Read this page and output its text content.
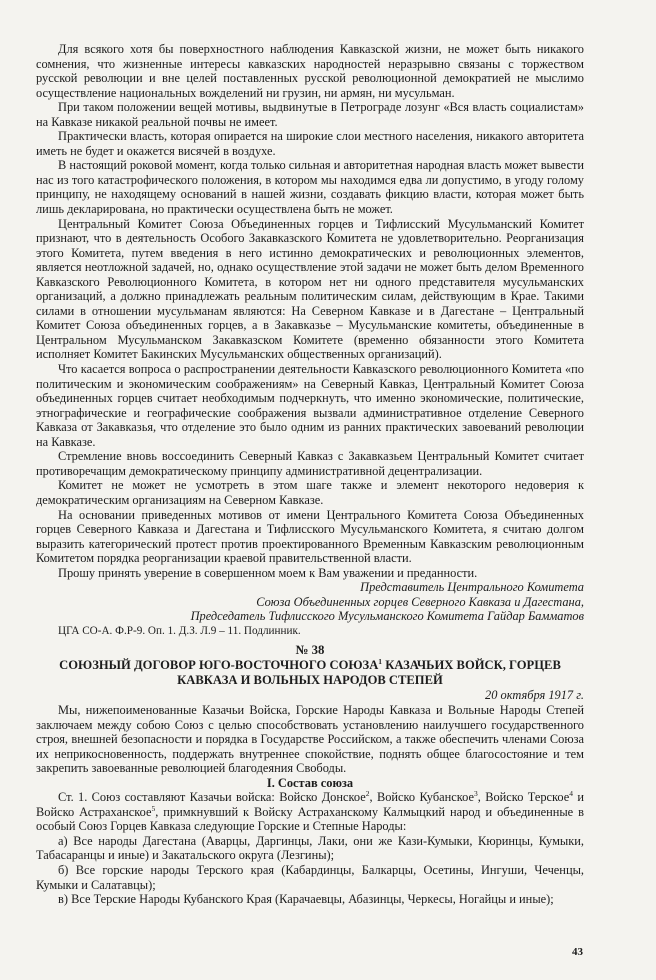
Для всякого хотя бы поверхностного наблюдения Кавказской жизни, не может быть никакого сомнения, что жизненные интересы кавказских народностей неразрывно связаны с торжеством русской революции и вне целей поставленных русской революционной демократией не мыслимо осуществление национальных вожделений ни грузин, ни армян, ни мусульман.

При таком положении вещей мотивы, выдвинутые в Петрограде лозунг «Вся власть социалистам» на Кавказе никакой реальной почвы не имеет.

Практически власть, которая опирается на широкие слои местного населения, никакого авторитета иметь не будет и окажется висячей в воздухе.

В настоящий роковой момент, когда только сильная и авторитетная народная власть может вывести нас из того катастрофического положения, в котором мы находимся едва ли допустимо, в угоду голому принципу, не находящему оснований в нашей жизни, создавать фикцию власти, которая может быть лишь декларирована, но практически осуществлена быть не может.

Центральный Комитет Союза Объединенных горцев и Тифлисский Мусульманский Комитет признают, что в деятельность Особого Закавказского Комитета не удовлетворительно. Реорганизация этого Комитета, путем введения в него истинно демократических и революционных элементов, является неотложной задачей, но, однако осуществление этой задачи не может быть делом Временного Кавказского Революционного Комитета, в котором нет ни одного представителя мусульманских организаций, а должно принадлежать реальным политическим силам, действующим в Крае. Такими силами в отношении мусульманам являются: На Северном Кавказе и в Дагестане – Центральный Комитет Союза объединенных горцев, а в Закавказье – Мусульманские комитеты, объединенные в Центральном Мусульманском Закавказском Комитете (временно обязанности этого Комитета исполняет Комитет Бакинских Мусульманских общественных организаций).

Что касается вопроса о распространении деятельности Кавказского революционного Комитета «по политическим и экономическим соображениям» на Северный Кавказ, Центральный Комитет Союза объединенных горцев считает необходимым подчеркнуть, что именно экономические, политические, этнографические и географические соображения вызвали административное отделение Северного Кавказа от Закавказья, что отделение это было одним из ранних практических завоеваний революции на Кавказе.

Стремление вновь воссоединить Северный Кавказ с Закавказьем Центральный Комитет считает противоречащим демократическому принципу административной децентрализации.

Комитет не может не усмотреть в этом шаге также и элемент некоторого недоверия к демократическим организациям на Северном Кавказе.

На основании приведенных мотивов от имени Центрального Комитета Союза Объединенных горцев Северного Кавказа и Дагестана и Тифлисского Мусульманского Комитета, я считаю долгом выразить категорический протест против проектированного Временным Кавказским революционным Комитетом порядка реорганизации краевой правительственной власти.

Прошу принять уверение в совершенном моем к Вам уважении и преданности.

Представитель Центрального Комитета

Союза Объединенных горцев Северного Кавказа и Дагестана,

Председатель Тифлисского Мусульманского Комитета Гайдар Бамматов

ЦГА СО-А. Ф.Р-9. Оп. 1. Д.З. Л.9 – 11. Подлинник.

№ 38

СОЮЗНЫЙ ДОГОВОР ЮГО-ВОСТОЧНОГО СОЮЗА$^1$ КАЗАЧЬИХ ВОЙСК, ГОРЦЕВ

КАВКАЗА И ВОЛЬНЫХ НАРОДОВ СТЕПЕЙ

20 октября 1917 г.

Мы, нижепоименованные Казачьи Войска, Горские Народы Кавказа и Вольные Народы Степей заключаем между собою Союз с целью способствовать установлению наилучшего государственного строя, внешней безопасности и порядка в Государстве Российском, а также обеспечить членами Союза их неприкосновенность, поддержать внутреннее спокойствие, поднять общее благосостояние и тем закрепить завоеванные революцией благодеяния Свободы.

I. Состав союза

Ст. 1. Союз составляют Казачьи войска: Войско Донское$^2$, Войско Кубанское$^3$, Войско Терское$^4$ и Войско Астраханское$^5$, примкнувший к Войску Астраханскому Калмыцкий народ и объединенные в особый Союз Горцев Кавказа следующие Горские и Степные Народы:

а) Все народы Дагестана (Аварцы, Даргинцы, Лаки, они же Кази-Кумыки, Кюринцы, Кумыки, Табасаранцы и иные) и Закатальского округа (Лезгины);

б) Все горские народы Терского края (Кабардинцы, Балкарцы, Осетины, Ингуши, Чеченцы, Кумыки и Салатавцы);

в) Все Терские Народы Кубанского Края (Карачаевцы, Абазинцы, Черкесы, Ногайцы и иные);

43
